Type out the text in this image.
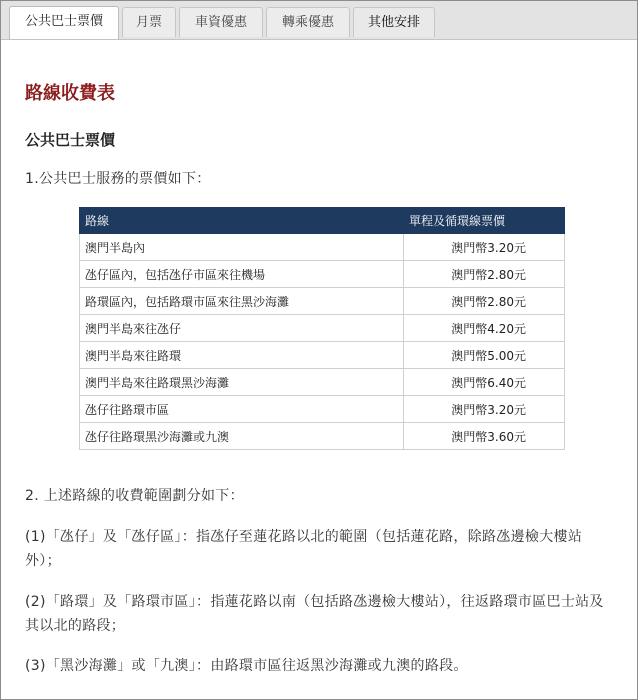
公共巴士票價	月票	車資優惠	轉乘優惠	其他安排
路線收費表
公共巴士票價

1.公共巴士服務的票價如下：

路線	單程及循環線票價
澳門半島內	澳門幣3.20元
氹仔區內，包括氹仔市區來往機場	澳門幣2.80元
路環區內，包括路環市區來往黑沙海灘	澳門幣2.80元
澳門半島來往氹仔	澳門幣4.20元
澳門半島來往路環	澳門幣5.00元
澳門半島來往路環黑沙海灘	澳門幣6.40元
氹仔往路環市區	澳門幣3.20元
氹仔往路環黑沙海灘或九澳	澳門幣3.60元

2. 上述路線的收費範圍劃分如下：

(1)「氹仔」及「氹仔區」：指氹仔至蓮花路以北的範圍（包括蓮花路，除路氹邊檢大樓站外）；

(2)「路環」及「路環市區」：指蓮花路以南（包括路氹邊檢大樓站），往返路環市區巴士站及其以北的路段；

(3)「黑沙海灘」或「九澳」：由路環市區往返黑沙海灘或九澳的路段。
